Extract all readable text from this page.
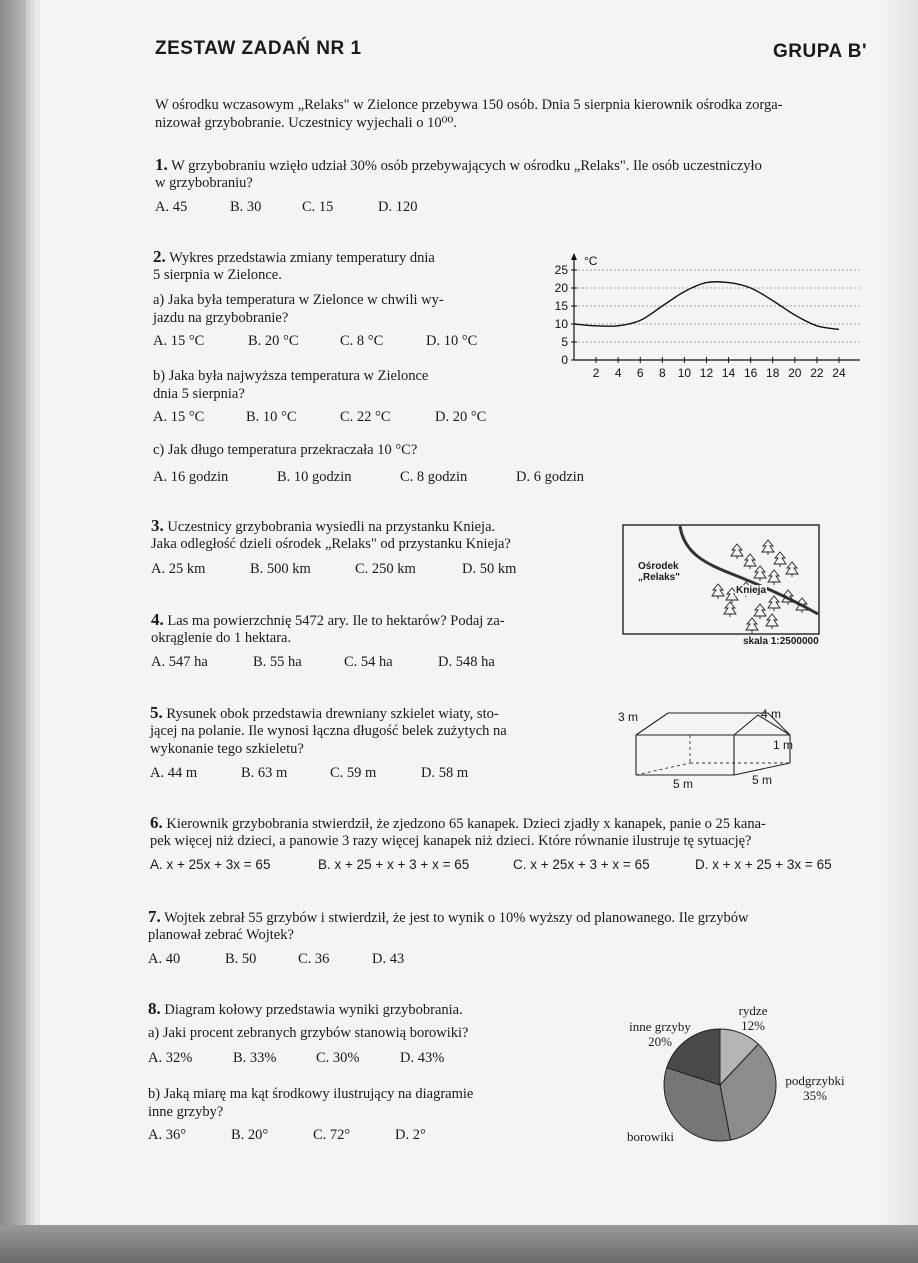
ZESTAW ZADAŃ NR 1	GRUPA B'
W ośrodku wczasowym „Relaks" w Zielonce przebywa 150 osób. Dnia 5 sierpnia kierownik ośrodka zorga-
nizował grzybobranie. Uczestnicy wyjechali o 10⁰⁰.
1. W grzybobraniu wzięło udział 30% osób przebywających w ośrodku „Relaks". Ile osób uczestniczyło
w grzybobraniu?
A. 45	B. 30	C. 15	D. 120
2. Wykres przedstawia zmiany temperatury dnia
5 sierpnia w Zielonce.
a) Jaka była temperatura w Zielonce w chwili wy-
jazdu na grzybobranie?
A. 15 °C	B. 20 °C	C. 8 °C	D. 10 °C
b) Jaka była najwyższa temperatura w Zielonce
dnia 5 sierpnia?
A. 15 °C	B. 10 °C	C. 22 °C	D. 20 °C
c) Jak długo temperatura przekraczała 10 °C?
A. 16 godzin	B. 10 godzin	C. 8 godzin	D. 6 godzin
0
5
10
15
20
25
°C
2 4 6 8 10 12 14 16 18 20 22 24
3. Uczestnicy grzybobrania wysiedli na przystanku Knieja.
Jaka odległość dzieli ośrodek „Relaks" od przystanku Knieja?
A. 25 km	B. 500 km	C. 250 km	D. 50 km	Ośrodek
„Relaks"
Knieja
skala 1:2500000
4. Las ma powierzchnię 5472 ary. Ile to hektarów? Podaj za-
okrąglenie do 1 hektara.
A. 547 ha	B. 55 ha	C. 54 ha	D. 548 ha
5. Rysunek obok przedstawia drewniany szkielet wiaty, sto-
jącej na polanie. Ile wynosi łączna długość belek zużytych na
wykonanie tego szkieletu?
A. 44 m	B. 63 m	C. 59 m	D. 58 m
3 m	4 m
1 m
5 m	5 m
6. Kierownik grzybobrania stwierdził, że zjedzono 65 kanapek. Dzieci zjadły x kanapek, panie o 25 kana-
pek więcej niż dzieci, a panowie 3 razy więcej kanapek niż dzieci. Które równanie ilustruje tę sytuację?
A. x + 25x + 3x = 65	B. x + 25 + x + 3 + x = 65	C. x + 25x + 3 + x = 65	D. x + x + 25 + 3x = 65
7. Wojtek zebrał 55 grzybów i stwierdził, że jest to wynik o 10% wyższy od planowanego. Ile grzybów
planował zebrać Wojtek?
A. 40	B. 50	C. 36	D. 43
8. Diagram kołowy przedstawia wyniki grzybobrania.
a) Jaki procent zebranych grzybów stanowią borowiki?
A. 32%	B. 33%	C. 30%	D. 43%
b) Jaką miarę ma kąt środkowy ilustrujący na diagramie
inne grzyby?
A. 36°	B. 20°	C. 72°	D. 2°
rydze
12%
inne grzyby
20%
podgrzybki
35%
borowiki
